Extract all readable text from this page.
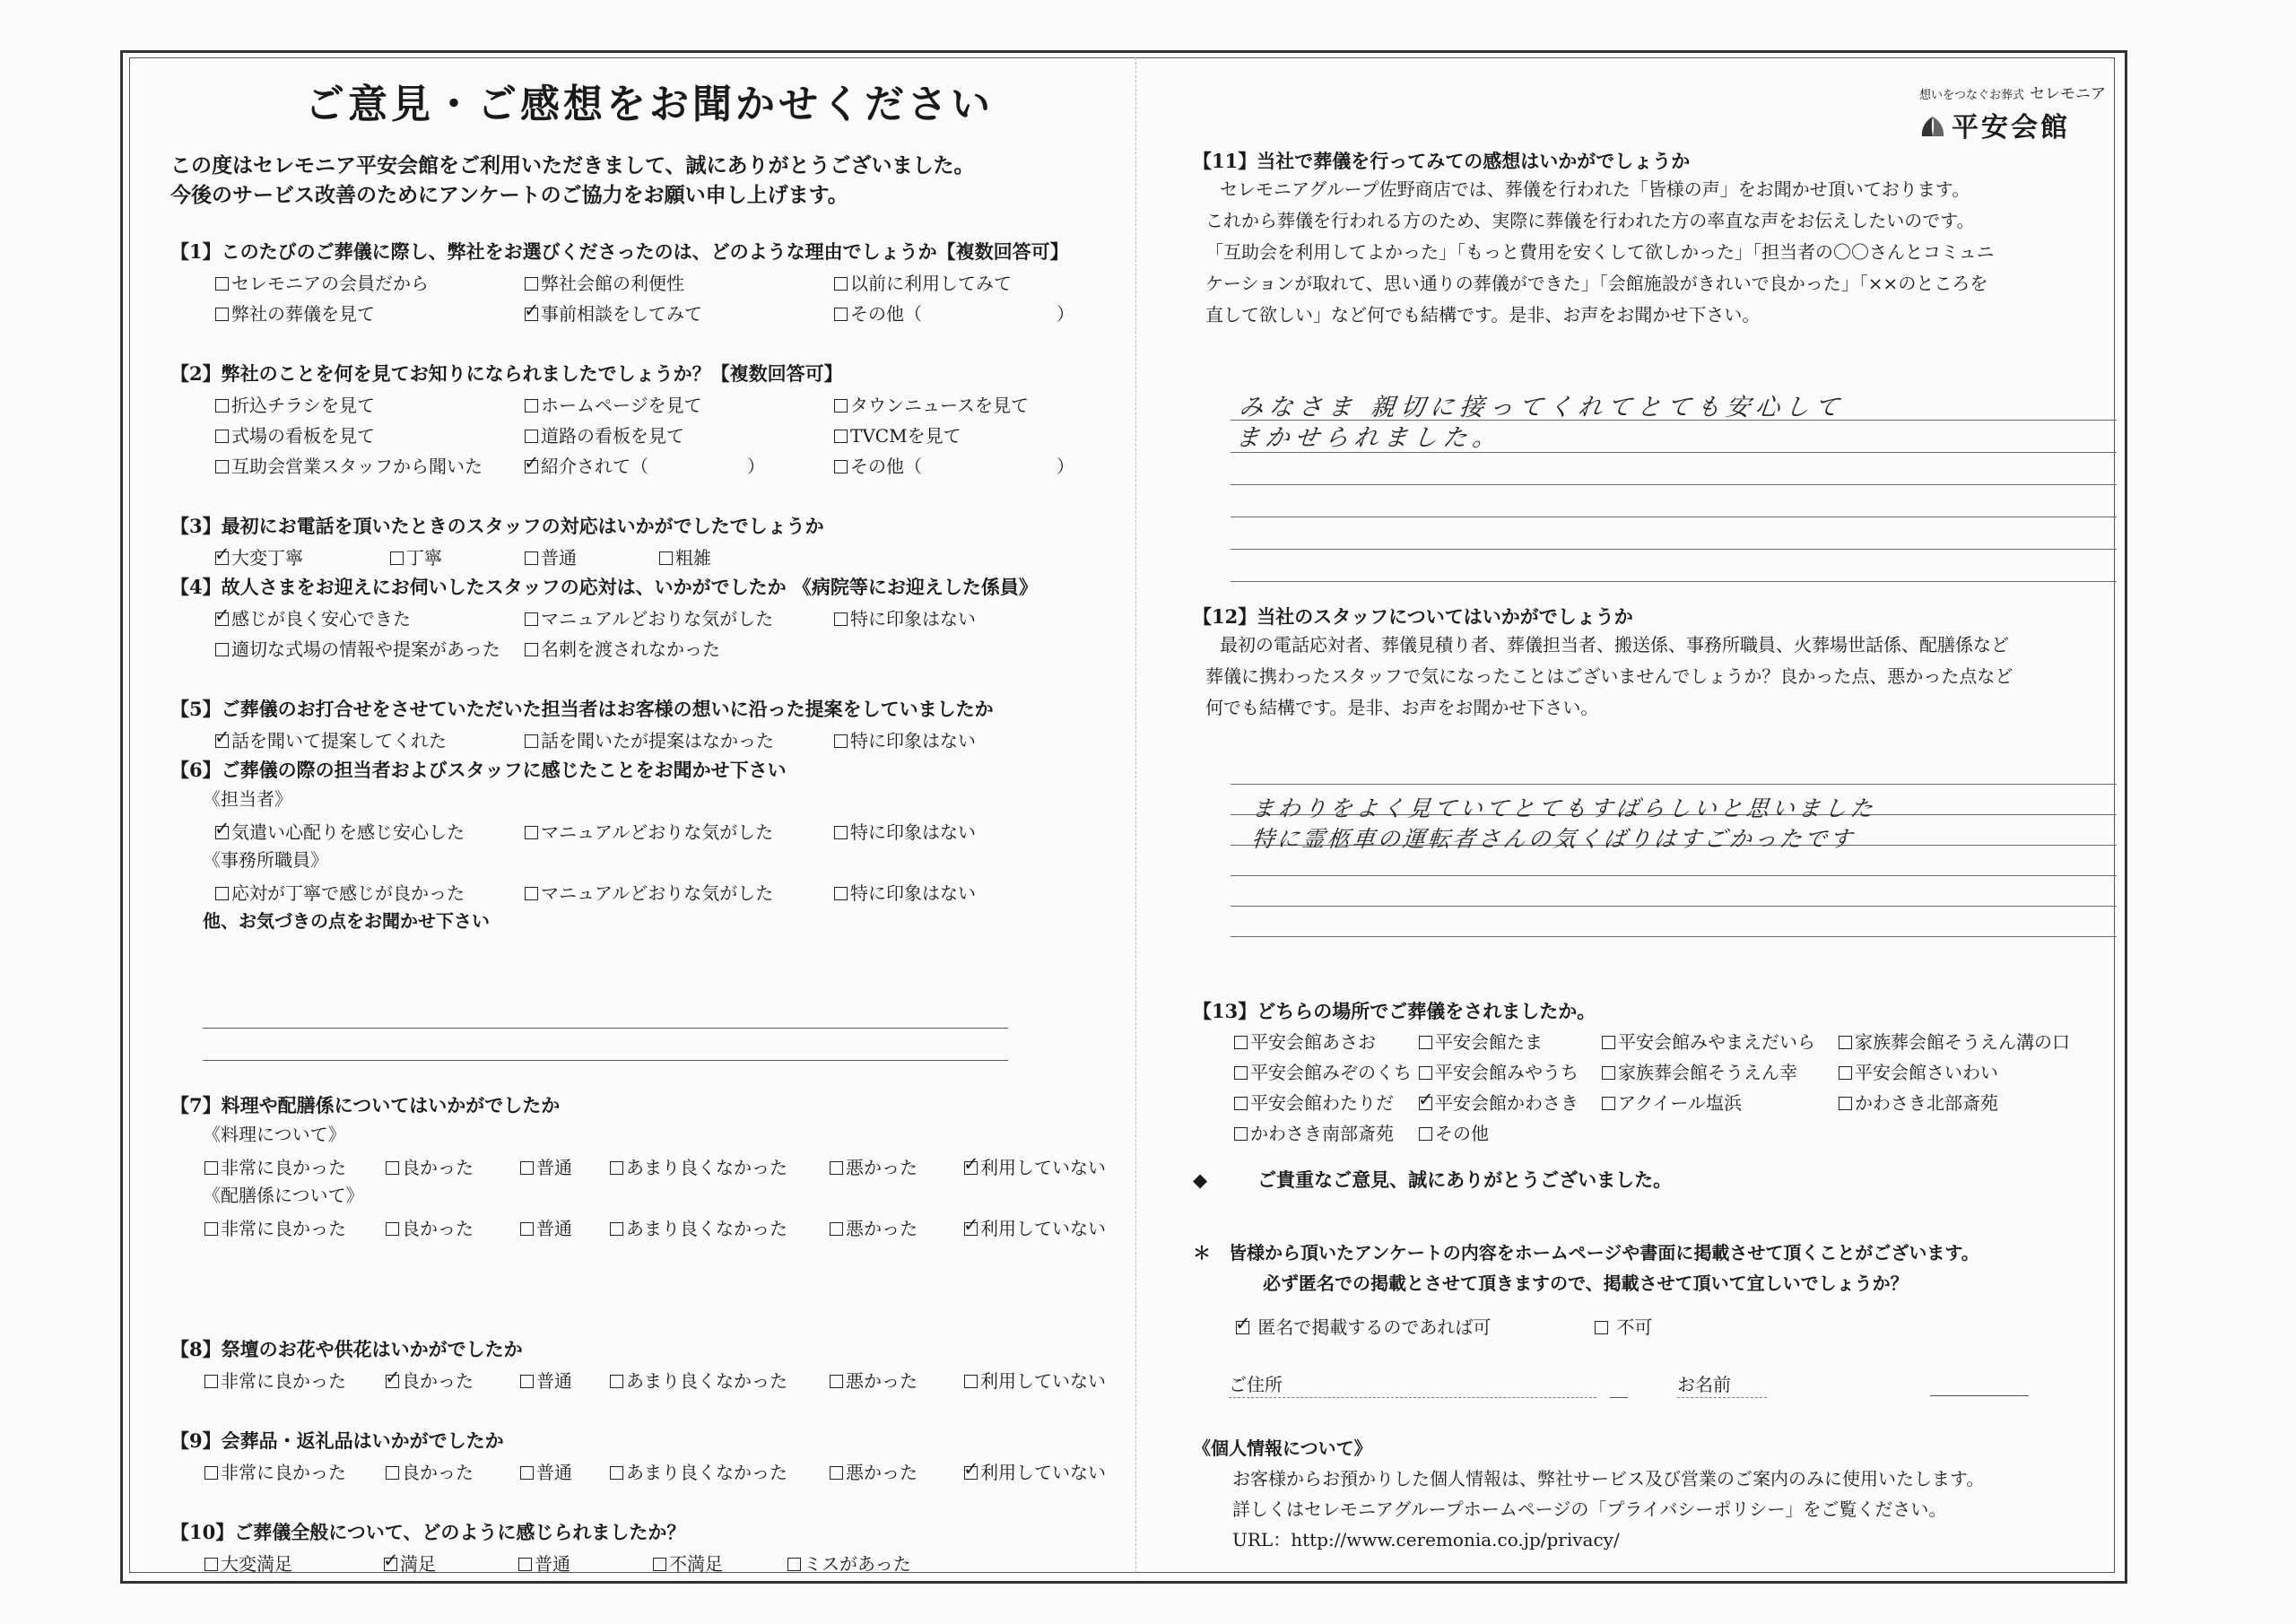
ご意見・ご感想をお聞かせください
この度はセレモニア平安会館をご利用いただきまして、誠にありがとうございました。
今後のサービス改善のためにアンケートのご協力をお願い申し上げます。
【1】このたびのご葬儀に際し、弊社をお選びくださったのは、どのような理由でしょうか【複数回答可】
セレモニアの会員だから	弊社会館の利便性	以前に利用してみて
弊社の葬儀を見て ✓	事前相談をしてみて	その他（	）
【2】弊社のことを何を見てお知りになられましたでしょうか？【複数回答可】
折込チラシを見て	ホームページを見て	タウンニュースを見て
式場の看板を見て	道路の看板を見て	TVCMを見て
互助会営業スタッフから聞いた ✓	紹介されて（	）	その他（	）
【3】最初にお電話を頂いたときのスタッフの対応はいかがでしたでしょうか
✓大変丁寧	丁寧	普通	粗雑
【4】故人さまをお迎えにお伺いしたスタッフの応対は、いかがでしたか 《病院等にお迎えした係員》
✓感じが良く安心できた	マニュアルどおりな気がした	特に印象はない
適切な式場の情報や提案があった	名刺を渡されなかった
【5】ご葬儀のお打合せをさせていただいた担当者はお客様の想いに沿った提案をしていましたか
✓話を聞いて提案してくれた	話を聞いたが提案はなかった	特に印象はない
【6】ご葬儀の際の担当者およびスタッフに感じたことをお聞かせ下さい
《担当者》
✓気遣い心配りを感じ安心した	マニュアルどおりな気がした	特に印象はない
《事務所職員》
応対が丁寧で感じが良かった	マニュアルどおりな気がした	特に印象はない
他、お気づきの点をお聞かせ下さい
【7】料理や配膳係についてはいかがでしたか
《料理について》
非常に良かった	良かった	普通	あまり良くなかった	悪かった ✓	利用していない
《配膳係について》
非常に良かった	良かった	普通	あまり良くなかった	悪かった ✓	利用していない
【8】祭壇のお花や供花はいかがでしたか
非常に良かった ✓	良かった	普通	あまり良くなかった	悪かった	利用していない
【9】会葬品・返礼品はいかがでしたか
非常に良かった	良かった	普通	あまり良くなかった	悪かった ✓	利用していない
【10】ご葬儀全般について、どのように感じられましたか？
大変満足 ✓	満足	普通	不満足	ミスがあった
想いをつなぐお葬式 セレモニア
平安会館
【11】当社で葬儀を行ってみての感想はいかがでしょうか
セレモニアグループ佐野商店では、葬儀を行われた「皆様の声」をお聞かせ頂いております。
これから葬儀を行われる方のため、実際に葬儀を行われた方の率直な声をお伝えしたいのです。
「互助会を利用してよかった」「もっと費用を安くして欲しかった」「担当者の〇〇さんとコミュニ
ケーションが取れて、思い通りの葬儀ができた」「会館施設がきれいで良かった」「××のところを
直して欲しい」など何でも結構です。是非、お声をお聞かせ下さい。
みなさま 親切に接ってくれてとても安心して
まかせられました。
【12】当社のスタッフについてはいかがでしょうか
最初の電話応対者、葬儀見積り者、葬儀担当者、搬送係、事務所職員、火葬場世話係、配膳係など
葬儀に携わったスタッフで気になったことはございませんでしょうか？良かった点、悪かった点など
何でも結構です。是非、お声をお聞かせ下さい。
まわりをよく見ていてとてもすばらしいと思いました
特に霊柩車の運転者さんの気くばりはすごかったです
【13】どちらの場所でご葬儀をされましたか。
平安会館あさお	平安会館たま	平安会館みやまえだいら	家族葬会館そうえん溝の口
平安会館みぞのくち	平安会館みやうち	家族葬会館そうえん幸	平安会館さいわい
平安会館わたりだ ✓	平安会館かわさき	アクイール塩浜	かわさき北部斎苑
かわさき南部斎苑	その他
◆	ご貴重なご意見、誠にありがとうございました。
＊ 皆様から頂いたアンケートの内容をホームページや書面に掲載させて頂くことがございます。
必ず匿名での掲載とさせて頂きますので、掲載させて頂いて宜しいでしょうか？
✓ 匿名で掲載するのであれば可	不可
ご住所	お名前
《個人情報について》
お客様からお預かりした個人情報は、弊社サービス及び営業のご案内のみに使用いたします。
詳しくはセレモニアグループホームページの「プライバシーポリシー」をご覧ください。
URL：http://www.ceremonia.co.jp/privacy/
